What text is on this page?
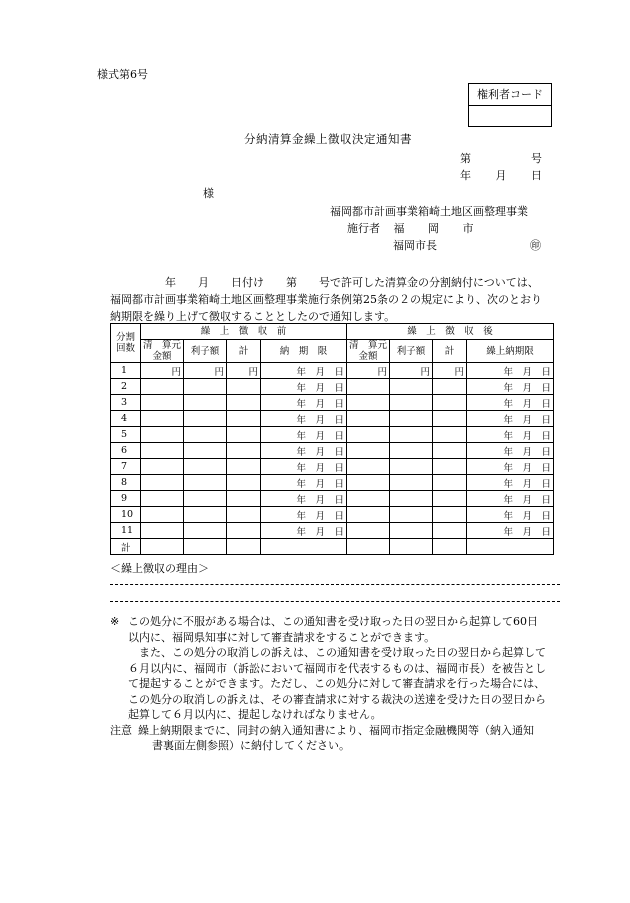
様式第6号
権利者コード
分納清算金繰上徴収決定通知書
第	号
年 月 日
様
福岡都市計画事業箱崎土地区画整理事業
施行者 福 岡 市
福岡市長	㊞

　　　　　年　　月　　日付け　　第　　号で許可した清算金の分割納付については、

福岡都市計画事業箱崎土地区画整理事業施行条例第25条の２の規定により、次のとおり

納期限を繰り上げて徴収することとしたので通知します。

分割回数	繰　上　徴　収　前				繰　上　徴　収　後			
	清　算元金額	利子額	計	納　期　限	清　算元金額	利子額	計	繰上納期限
1	円	円	円	年　月　日	円	円	円	年　月　日
2				年　月　日				年　月　日
3				年　月　日				年　月　日
4				年　月　日				年　月　日
5				年　月　日				年　月　日
6				年　月　日				年　月　日
7				年　月　日				年　月　日
8				年　月　日				年　月　日
9				年　月　日				年　月　日
10				年　月　日				年　月　日
11				年　月　日				年　月　日
計								
＜繰上徴収の理由＞
※ この処分に不服がある場合は、この通知書を受け取った日の翌日から起算して60日
以内に、福岡県知事に対して審査請求をすることができます。
また、この処分の取消しの訴えは、この通知書を受け取った日の翌日から起算して
６月以内に、福岡市（訴訟において福岡市を代表するものは、福岡市長）を被告とし
て提起することができます。ただし、この処分に対して審査請求を行った場合には、
この処分の取消しの訴えは、その審査請求に対する裁決の送達を受けた日の翌日から
起算して６月以内に、提起しなければなりません。
注意 繰上納期限までに、同封の納入通知書により、福岡市指定金融機関等（納入通知
書裏面左側参照）に納付してください。
